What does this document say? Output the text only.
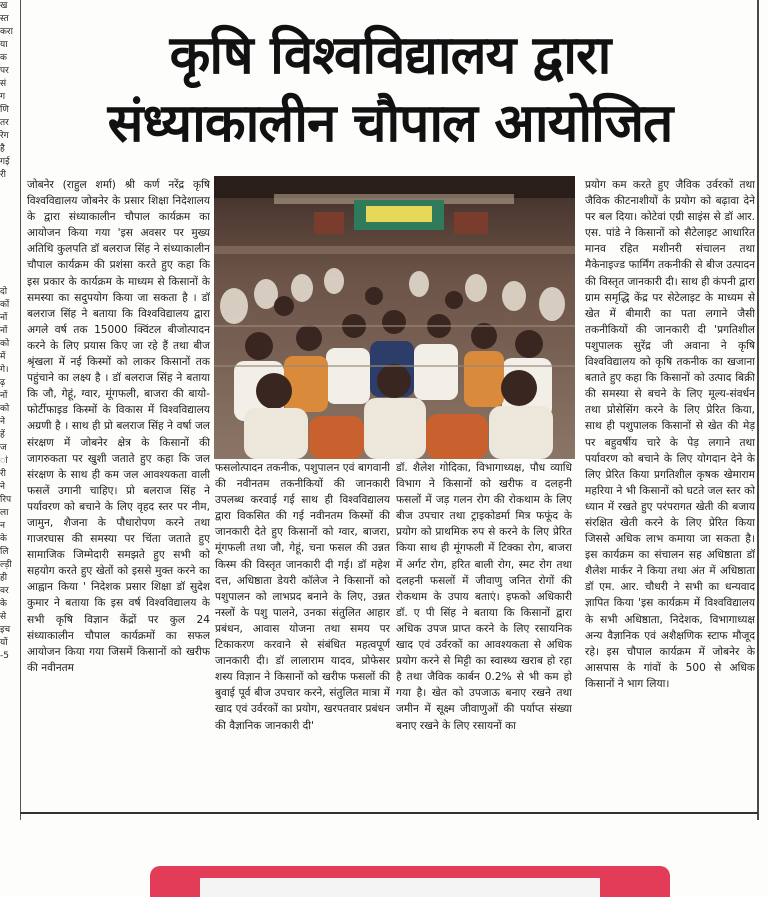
ख
स्त
करा
या
क
पर
सं
ग
णि
तर
रेग
है
गई
री

दो
कों
नों
नों
को
में
गे।
ढ़
नों
को
ने
हें
ज
ां
री
ने
रिप
ला
न
के
लि
ल्ड़ी
ही
वर
के
से
इच
यों
-5
कृषि विश्वविद्यालय द्वारा
संध्याकालीन चौपाल आयोजित

जोबनेर (राहुल शर्मा) श्री कर्ण नरेंद्र कृषि विश्वविद्यालय जोबनेर के प्रसार शिक्षा निदेशालय के द्वारा संध्याकालीन चौपाल कार्यक्रम का आयोजन किया गया 'इस अवसर पर मुख्य अतिथि कुलपति डॉ बलराज सिंह ने संध्याकालीन चौपाल कार्यक्रम की प्रशंसा करते हुए कहा कि इस प्रकार के कार्यक्रम के माध्यम से किसानों के समस्या का सदुपयोग किया जा सकता है । डॉ बलराज सिंह ने बताया कि विश्वविद्यालय द्वारा अगले वर्ष तक 15000 क्विंटल बीजोत्पादन करने के लिए प्रयास किए जा रहे हैं तथा बीज श्रृंखला में नई किस्मों को लाकर किसानों तक पहुंचाने का लक्ष्य है । डॉ बलराज सिंह ने बताया कि जौ, गेहूं, ग्वार, मूंगफली, बाजरा की बायो-फोर्टीफाइड किस्मों के विकास में विश्वविद्यालय अग्रणी है । साथ ही प्रो बलराज सिंह ने वर्षा जल संरक्षण में जोबनेर क्षेत्र के किसानों की जागरुकता पर खुशी जताते हुए कहा कि जल संरक्षण के साथ ही कम जल आवश्यकता वाली फसलें उगानी चाहिए। प्रो बलराज सिंह ने पर्यावरण को बचाने के लिए वृहद स्तर पर नीम, जामुन, शैजना के पौधारोपण करने तथा गाजरघास की समस्या पर चिंता जताते हुए सामाजिक जिम्मेदारी समझते हुए सभी को सहयोग करते हुए खेतों को इससे मुक्त करने का आह्वान किया ' निदेशक प्रसार शिक्षा डॉ सुदेश कुमार ने बताया कि इस वर्ष विश्वविद्यालय के सभी कृषि विज्ञान केंद्रों पर कुल 24 संध्याकालीन चौपाल कार्यक्रमों का सफल आयोजन किया गया जिसमें किसानों को खरीफ की नवीनतम

फसलोत्पादन तकनीक, पशुपालन एवं बागवानी की नवीनतम तकनीकियों की जानकारी उपलब्ध करवाई गई साथ ही विश्वविद्यालय द्वारा विकसित की गई नवीनतम किस्मों की जानकारी देते हुए किसानों को ग्वार, बाजरा, मूंगफली तथा जौ, गेहूं, चना फसल की उन्नत किस्म की विस्तृत जानकारी दी गई। डॉ महेश दत्त, अधिष्ठाता डेयरी कॉलेज ने किसानों को पशुपालन को लाभप्रद बनाने के लिए, उन्नत नस्लों के पशु पालने, उनका संतुलित आहार प्रबंधन, आवास योजना तथा समय पर टिकाकरण करवाने से संबंधित महत्वपूर्ण जानकारी दी। डॉ लालाराम यादव, प्रोफेसर शस्य विज्ञान ने किसानों को खरीफ फसलों की बुवाई पूर्व बीज उपचार करने, संतुलित मात्रा में खाद एवं उर्वरकों का प्रयोग, खरपतवार प्रबंधन की वैज्ञानिक जानकारी दी'

डॉ. शैलेश गोदिका, विभागाध्यक्ष, पौध व्याधि विभाग ने किसानों को खरीफ व दलहनी फसलों में जड़ गलन रोग की रोकथाम के लिए बीज उपचार तथा ट्राइकोडर्मा मित्र फफूंद के प्रयोग को प्राथमिक रुप से करने के लिए प्रेरित किया साथ ही मूंगफली में टिक्का रोग, बाजरा में अर्गट रोग, हरित बाली रोग, स्मट रोग तथा दलहनी फसलों में जीवाणु जनित रोगों की रोकथाम के उपाय बताएं। इफको अधिकारी डॉ. ए पी सिंह ने बताया कि किसानों द्वारा अधिक उपज प्राप्त करने के लिए रसायनिक खाद एवं उर्वरकों का आवश्यकता से अधिक प्रयोग करने से मिट्टी का स्वास्थ्य खराब हो रहा है तथा जैविक कार्बन 0.2% से भी कम हो गया है। खेत को उपजाऊ बनाए रखने तथा जमीन में सूक्ष्म जीवाणुओं की पर्याप्त संख्या बनाए रखने के लिए रसायनों का

प्रयोग कम करते हुए जैविक उर्वरकों तथा जैविक कीटनाशीयों के प्रयोग को बढ़ावा देने पर बल दिया। कोटेवां एग्री साइंस से डॉ आर. एस. पांडे ने किसानों को सैटेलाइट आधारित मानव रहित मशीनरी संचालन तथा मैकेनाइज्ड फार्मिंग तकनीकी से बीज उत्पादन की विस्तृत जानकारी दी। साथ ही कंपनी द्वारा ग्राम समृद्धि केंद्र पर सेटेलाइट के माध्यम से खेत में बीमारी का पता लगाने जैसी तकनीकियों की जानकारी दी 'प्रगतिशील पशुपालक सुरेंद्र जी अवाना ने कृषि विश्वविद्यालय को कृषि तकनीक का खजाना बताते हुए कहा कि किसानों को उत्पाद बिक्री की समस्या से बचने के लिए मूल्य-संवर्धन तथा प्रोसेसिंग करने के लिए प्रेरित किया, साथ ही पशुपालक किसानों से खेत की मेड़ पर बहुवर्षीय चारे के पेड़ लगाने तथा पर्यावरण को बचाने के लिए योगदान देने के लिए प्रेरित किया प्रगतिशील कृषक खेमाराम महरिया ने भी किसानों को घटते जल स्तर को ध्यान में रखते हुए परंपरागत खेती की बजाय संरक्षित खेती करने के लिए प्रेरित किया जिससे अधिक लाभ कमाया जा सकता है। इस कार्यक्रम का संचालन सह अधिष्ठाता डॉ शैलेश मार्कर ने किया तथा अंत में अधिष्ठाता डॉ एम. आर. चौधरी ने सभी का धन्यवाद ज्ञापित किया 'इस कार्यक्रम में विश्वविद्यालय के सभी अधिष्ठाता, निदेशक, विभागाध्यक्ष अन्य वैज्ञानिक एवं अशैक्षणिक स्टाफ मौजूद रहे। इस चौपाल कार्यक्रम में जोबनेर के आसपास के गांवों के 500 से अधिक किसानों ने भाग लिया।
